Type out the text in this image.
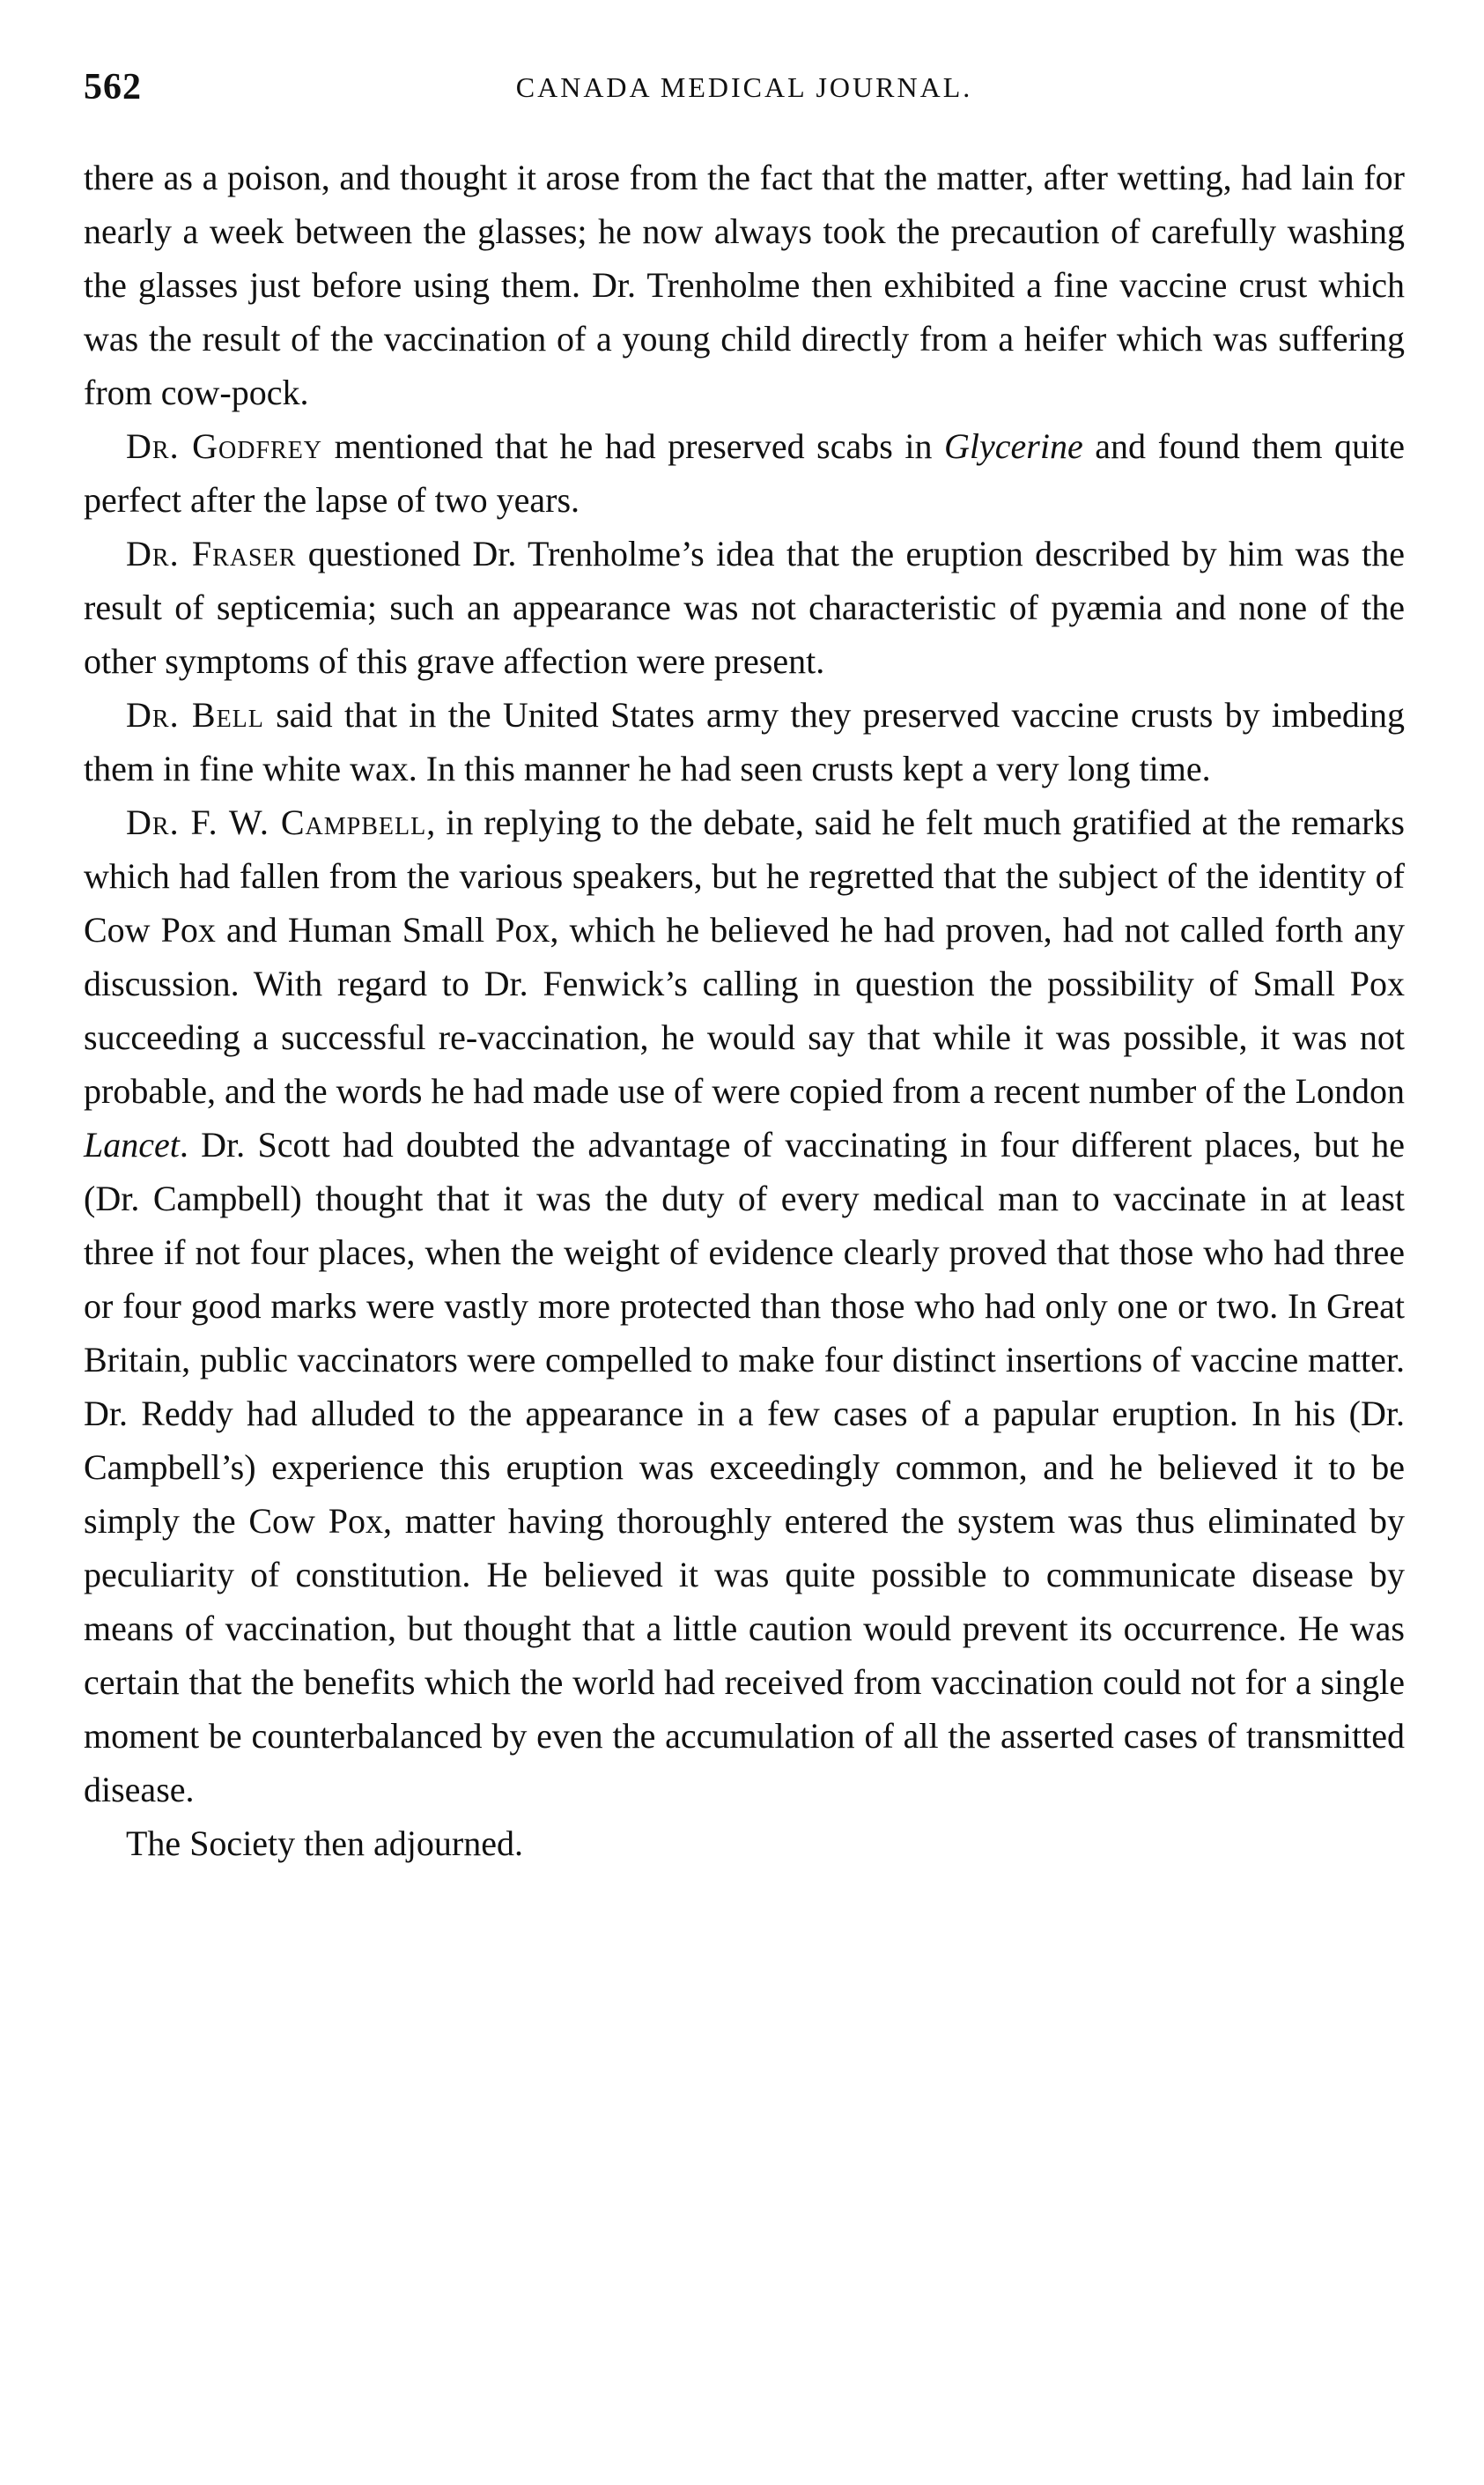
562	CANADA MEDICAL JOURNAL.

there as a poison, and thought it arose from the fact that the matter, after wetting, had lain for nearly a week between the glasses; he now always took the precaution of carefully washing the glasses just before using them. Dr. Trenholme then exhibited a fine vaccine crust which was the result of the vaccination of a young child directly from a heifer which was suffering from cow-pock.

Dr. Godfrey mentioned that he had preserved scabs in Glycerine and found them quite perfect after the lapse of two years.

Dr. Fraser questioned Dr. Trenholme’s idea that the eruption described by him was the result of septicemia; such an appearance was not characteristic of pyæmia and none of the other symptoms of this grave affection were present.

Dr. Bell said that in the United States army they preserved vaccine crusts by imbeding them in fine white wax. In this manner he had seen crusts kept a very long time.

Dr. F. W. Campbell, in replying to the debate, said he felt much gratified at the remarks which had fallen from the various speakers, but he regretted that the subject of the identity of Cow Pox and Human Small Pox, which he believed he had proven, had not called forth any discussion. With regard to Dr. Fenwick’s calling in question the possibility of Small Pox succeeding a successful re-vaccination, he would say that while it was possible, it was not probable, and the words he had made use of were copied from a recent number of the London Lancet. Dr. Scott had doubted the advantage of vaccinating in four different places, but he (Dr. Campbell) thought that it was the duty of every medical man to vaccinate in at least three if not four places, when the weight of evidence clearly proved that those who had three or four good marks were vastly more protected than those who had only one or two. In Great Britain, public vaccinators were compelled to make four distinct insertions of vaccine matter. Dr. Reddy had alluded to the appearance in a few cases of a papular eruption. In his (Dr. Campbell’s) experience this eruption was exceedingly common, and he believed it to be simply the Cow Pox, matter having thoroughly entered the system was thus eliminated by peculiarity of constitution. He believed it was quite possible to communicate disease by means of vaccination, but thought that a little caution would prevent its occurrence. He was certain that the benefits which the world had received from vaccination could not for a single moment be counterbalanced by even the accumulation of all the asserted cases of transmitted disease.

The Society then adjourned.
